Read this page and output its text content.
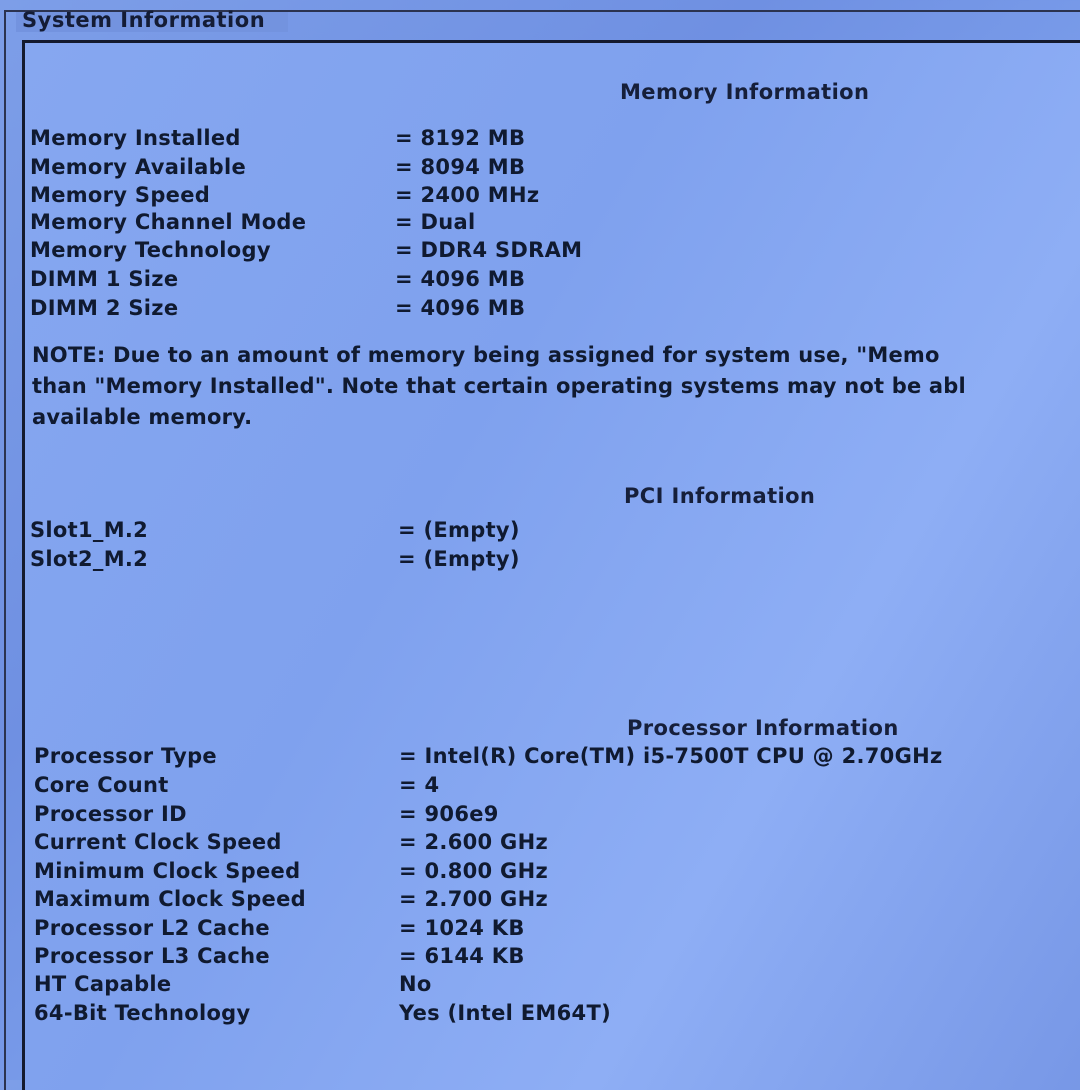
System Information
Memory Information
Memory Installed	= 8192 MB
Memory Available	= 8094 MB
Memory Speed	= 2400 MHz
Memory Channel Mode	= Dual
Memory Technology	= DDR4 SDRAM
DIMM 1 Size	= 4096 MB
DIMM 2 Size	= 4096 MB
NOTE: Due to an amount of memory being assigned for system use, "Memo
than "Memory Installed". Note that certain operating systems may not be abl
available memory.
PCI Information
Slot1_M.2	= (Empty)
Slot2_M.2	= (Empty)
Processor Information
Processor Type	= Intel(R) Core(TM) i5-7500T CPU @ 2.70GHz
Core Count	= 4
Processor ID	= 906e9
Current Clock Speed	= 2.600 GHz
Minimum Clock Speed	= 0.800 GHz
Maximum Clock Speed	= 2.700 GHz
Processor L2 Cache	= 1024 KB
Processor L3 Cache	= 6144 KB
HT Capable	No
64-Bit Technology	Yes (Intel EM64T)
